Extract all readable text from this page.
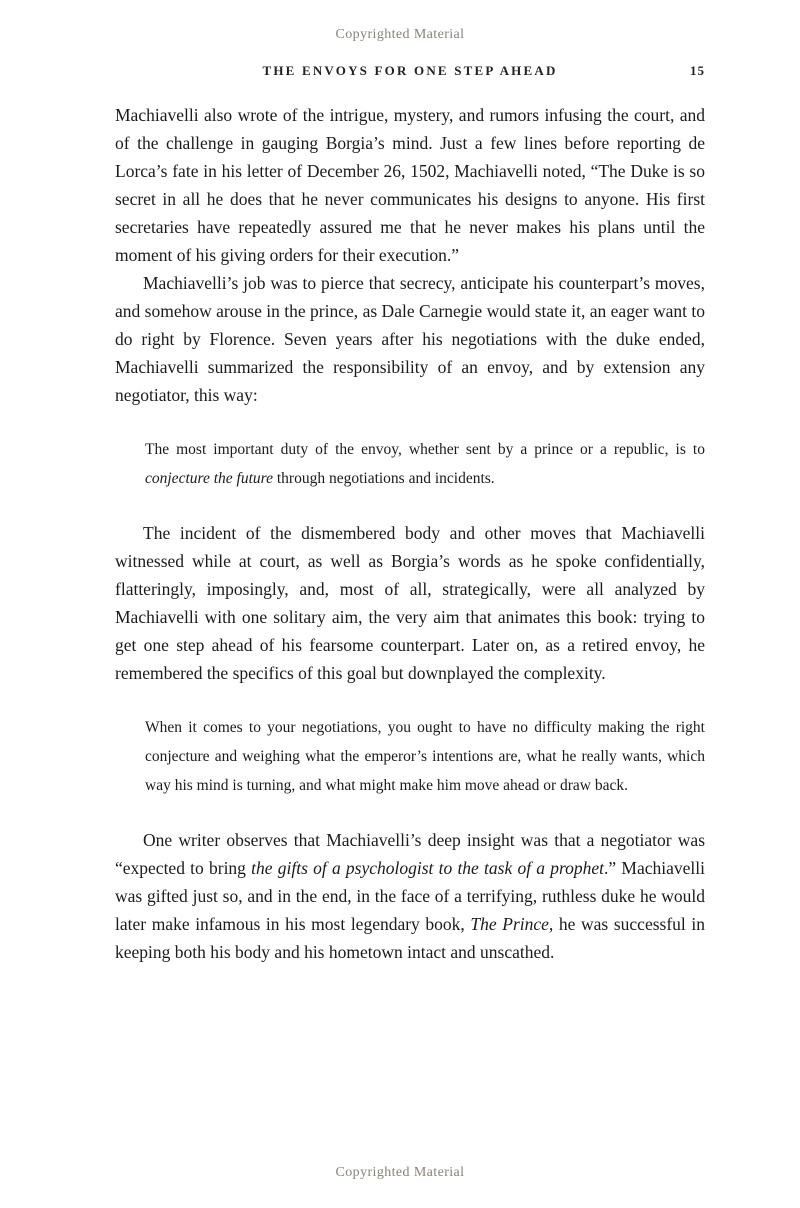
Copyrighted Material
THE ENVOYS FOR ONE STEP AHEAD	15

Machiavelli also wrote of the intrigue, mystery, and rumors infusing the court, and of the challenge in gauging Borgia’s mind. Just a few lines before reporting de Lorca’s fate in his letter of December 26, 1502, Machiavelli noted, “The Duke is so secret in all he does that he never communicates his designs to anyone. His first secretaries have repeatedly assured me that he never makes his plans until the moment of his giving orders for their execution.”

Machiavelli’s job was to pierce that secrecy, anticipate his counterpart’s moves, and somehow arouse in the prince, as Dale Carnegie would state it, an eager want to do right by Florence. Seven years after his negotiations with the duke ended, Machiavelli summarized the responsibility of an envoy, and by extension any negotiator, this way:

The most important duty of the envoy, whether sent by a prince or a republic, is to conjecture the future through negotiations and incidents.

The incident of the dismembered body and other moves that Machiavelli witnessed while at court, as well as Borgia’s words as he spoke confidentially, flatteringly, imposingly, and, most of all, strategically, were all analyzed by Machiavelli with one solitary aim, the very aim that animates this book: trying to get one step ahead of his fearsome counterpart. Later on, as a retired envoy, he remembered the specifics of this goal but downplayed the complexity.

When it comes to your negotiations, you ought to have no difficulty making the right conjecture and weighing what the emperor’s intentions are, what he really wants, which way his mind is turning, and what might make him move ahead or draw back.

One writer observes that Machiavelli’s deep insight was that a negotiator was “expected to bring the gifts of a psychologist to the task of a prophet.” Machiavelli was gifted just so, and in the end, in the face of a terrifying, ruthless duke he would later make infamous in his most legendary book, The Prince, he was successful in keeping both his body and his hometown intact and unscathed.

Copyrighted Material
